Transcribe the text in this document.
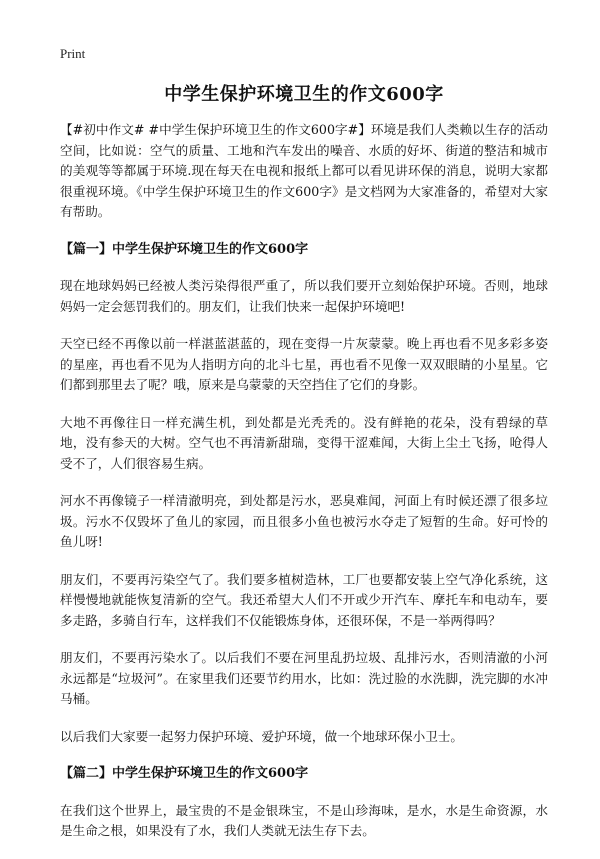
Print
中学生保护环境卫生的作文600字

【#初中作文# #中学生保护环境卫生的作文600字#】环境是我们人类赖以生存的活动空间，比如说：空气的质量、工地和汽车发出的噪音、水质的好坏、街道的整洁和城市的美观等等都属于环境.现在每天在电视和报纸上都可以看见讲环保的消息，说明大家都很重视环境。《中学生保护环境卫生的作文600字》是文档网为大家准备的，希望对大家有帮助。

【篇一】中学生保护环境卫生的作文600字

现在地球妈妈已经被人类污染得很严重了，所以我们要开立刻始保护环境。否则，地球妈妈一定会惩罚我们的。朋友们，让我们快来一起保护环境吧!

天空已经不再像以前一样湛蓝湛蓝的，现在变得一片灰蒙蒙。晚上再也看不见多彩多姿的星座，再也看不见为人指明方向的北斗七星，再也看不见像一双双眼睛的小星星。它们都到那里去了呢？哦，原来是乌蒙蒙的天空挡住了它们的身影。

大地不再像往日一样充满生机，到处都是光秃秃的。没有鲜艳的花朵，没有碧绿的草地，没有参天的大树。空气也不再清新甜瑞，变得干涩难闻，大街上尘土飞扬，呛得人受不了，人们很容易生病。

河水不再像镜子一样清澈明亮，到处都是污水，恶臭难闻，河面上有时候还漂了很多垃圾。污水不仅毁坏了鱼儿的家园，而且很多小鱼也被污水夺走了短暂的生命。好可怜的鱼儿呀!

朋友们，不要再污染空气了。我们要多植树造林，工厂也要都安装上空气净化系统，这样慢慢地就能恢复清新的空气。我还希望大人们不开或少开汽车、摩托车和电动车，要多走路，多骑自行车，这样我们不仅能锻炼身体，还很环保，不是一举两得吗？

朋友们，不要再污染水了。以后我们不要在河里乱扔垃圾、乱排污水，否则清澈的小河永远都是“垃圾河”。在家里我们还要节约用水，比如：洗过脸的水洗脚，洗完脚的水冲马桶。

以后我们大家要一起努力保护环境、爱护环境，做一个地球环保小卫士。

【篇二】中学生保护环境卫生的作文600字

在我们这个世界上，最宝贵的不是金银珠宝，不是山珍海味，是水，水是生命资源，水是生命之根，如果没有了水，我们人类就无法生存下去。
